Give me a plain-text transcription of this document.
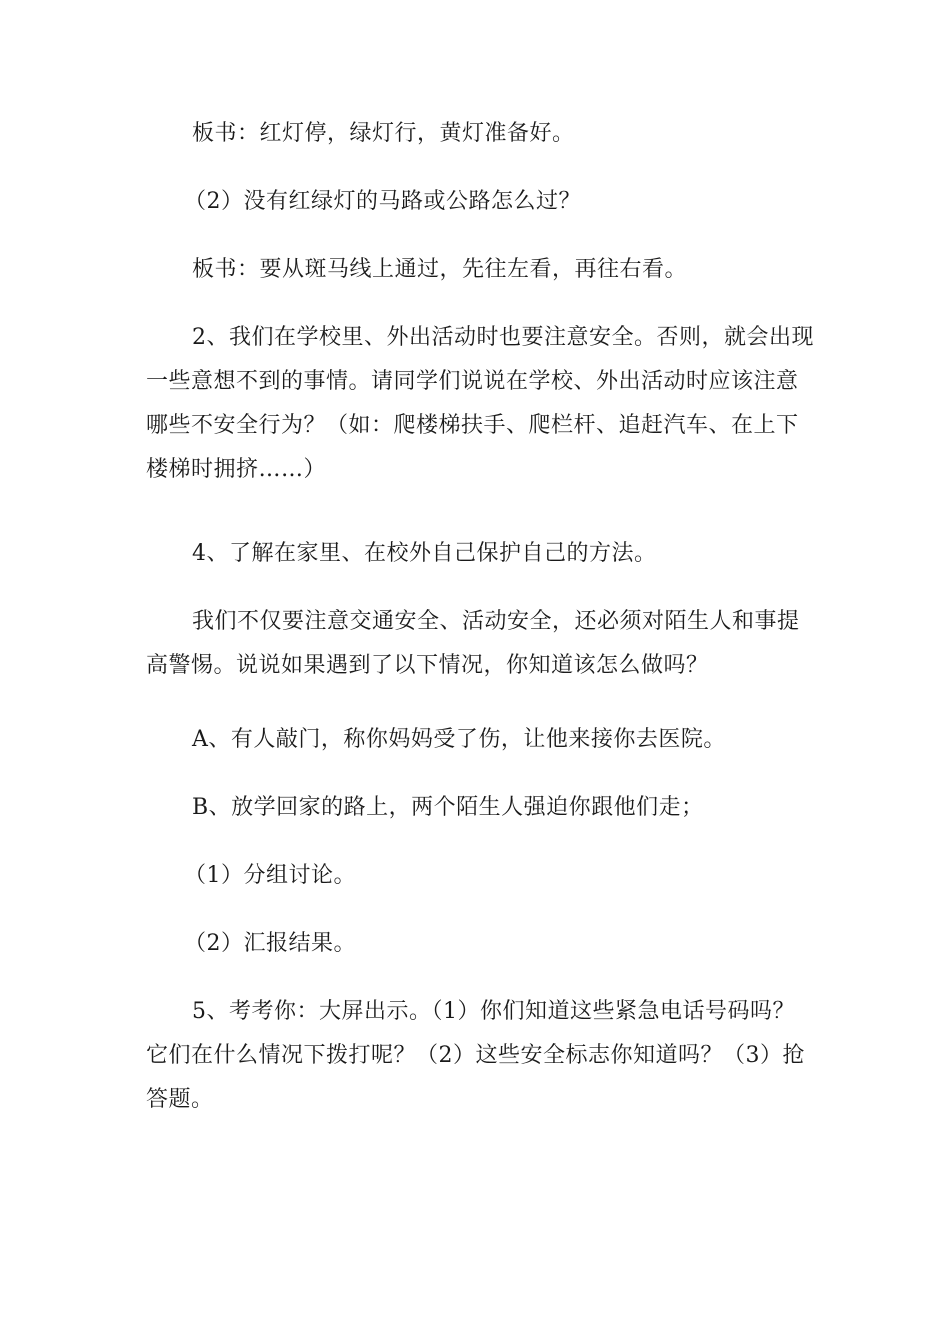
板书：红灯停，绿灯行，黄灯准备好。

（2）没有红绿灯的马路或公路怎么过？

板书：要从斑马线上通过，先往左看，再往右看。

2、我们在学校里、外出活动时也要注意安全。否则，就会出现一些意想不到的事情。请同学们说说在学校、外出活动时应该注意哪些不安全行为？（如：爬楼梯扶手、爬栏杆、追赶汽车、在上下楼梯时拥挤……）

4、了解在家里、在校外自己保护自己的方法。

我们不仅要注意交通安全、活动安全，还必须对陌生人和事提高警惕。说说如果遇到了以下情况，你知道该怎么做吗？

A、有人敲门，称你妈妈受了伤，让他来接你去医院。

B、放学回家的路上，两个陌生人强迫你跟他们走；

（1）分组讨论。

（2）汇报结果。

5、考考你：大屏出示。（1）你们知道这些紧急电话号码吗？它们在什么情况下拨打呢？（2）这些安全标志你知道吗？（3）抢答题。
